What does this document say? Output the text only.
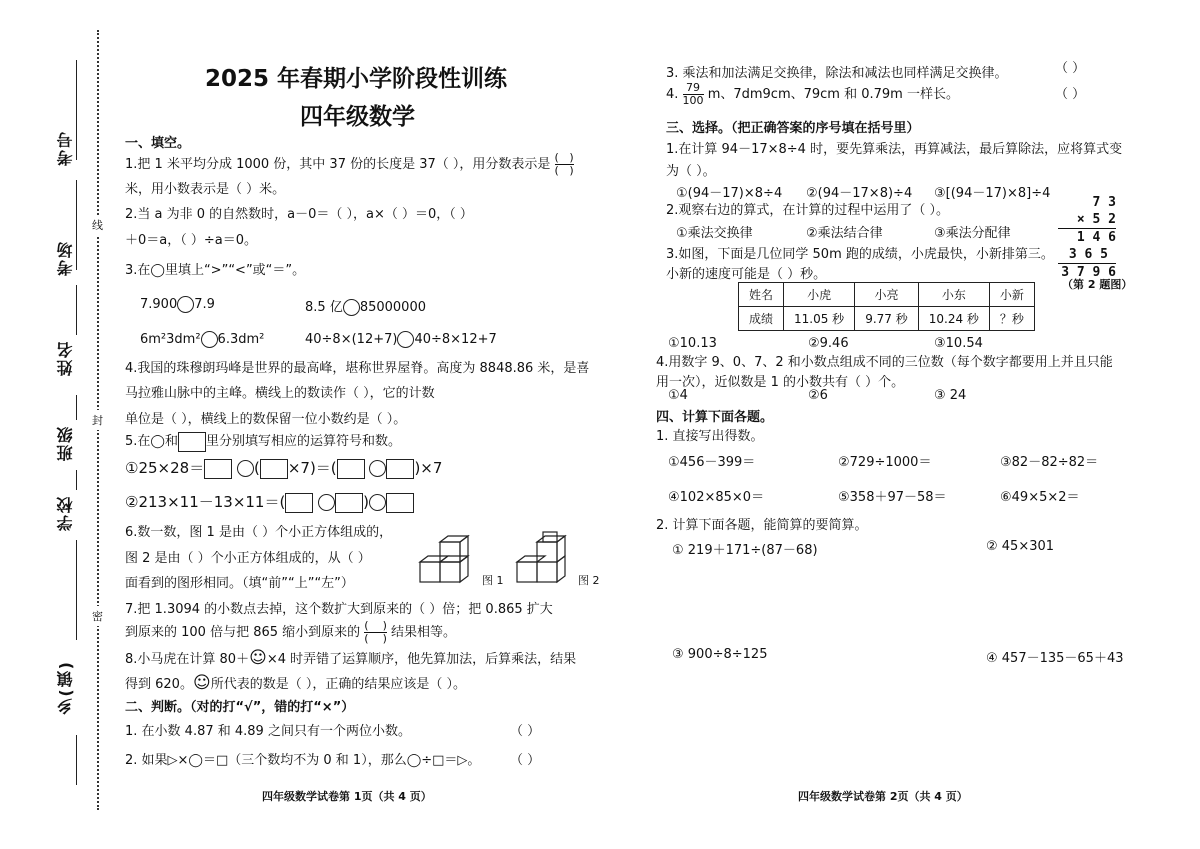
考号
考场
姓名
班级
学校
乡(镇)
线
封
密
2025 年春期小学阶段性训练
四年级数学
一、填空。
1.把 1 米平均分成 1000 份，其中 37 份的长度是 37（ ），用分数表示是 $\frac{( )}{( )}$
米，用小数表示是（ ）米。
2.当 a 为非 0 的自然数时，a－0＝（ ），a×（ ）＝0，（ ）
＋0＝a，（ ）÷a＝0。
3.在◯里填上“>”“<”或“＝”。
7.900 7.9	8.5 亿 85000000
6m²3dm² 6.3dm²	40÷8×(12+7) 40÷8×12+7
4.我国的珠穆朗玛峰是世界的最高峰，堪称世界屋脊。高度为 8848.86 米，是喜
马拉雅山脉中的主峰。横线上的数读作（ ），它的计数
单位是（ ），横线上的数保留一位小数约是（ ）。
5.在◯和 里分别填写相应的运算符号和数。
①25×28＝	( ×7)＝(	)×7
②213×11－13×11＝(	)
6.数一数，图 1 是由（ ）个小正方体组成的，
图 2 是由（ ）个小正方体组成的，从（ ）
面看到的图形相同。（填“前”“上”“左”）	图 1	图 2
7.把 1.3094 的小数点去掉，这个数扩大到原来的（ ）倍；把 0.865 扩大
到原来的 100 倍与把 865 缩小到原来的 $\frac{( )}{( )}$ 结果相等。
8.小马虎在计算 80＋☺×4 时弄错了运算顺序，他先算加法，后算乘法，结果
得到 620。☺所代表的数是（ ），正确的结果应该是（ ）。
二、判断。（对的打“√”，错的打“×”）
1. 在小数 4.87 和 4.89 之间只有一个两位小数。	（ ）
2. 如果▷×◯＝□（三个数均不为 0 和 1），那么◯÷□＝▷。 （ ）
四年级数学试卷第 1页（共 4 页）
3. 乘法和加法满足交换律，除法和减法也同样满足交换律。	（ ）
4. $\frac{79}{100}$ m、7dm9cm、79cm 和 0.79m 一样长。	（ ）
三、选择。（把正确答案的序号填在括号里）
1.在计算 94－17×8÷4 时，要先算乘法，再算减法，最后算除法，应将算式变
为（ ）。
①(94－17)×8÷4 ②(94－17×8)÷4 ③[(94－17)×8]÷4
2.观察右边的算式，在计算的过程中运用了（ ）。
①乘法交换律	②乘法结合律	③乘法分配律
7 3
× 5 2
1 4 6
3 6 5
3 7 9 6
（第 2 题图）
3.如图，下面是几位同学 50m 跑的成绩，小虎最快，小新排第三。
小新的速度可能是（ ）秒。
姓名	小虎	小亮	小东	小新
成绩	11.05 秒	9.77 秒	10.24 秒	？秒
①10.13	②9.46	③10.54
4.用数字 9、0、7、2 和小数点组成不同的三位数（每个数字都要用上并且只能
用一次），近似数是 1 的小数共有（ ）个。
①4	②6	③ 24
四、计算下面各题。
1. 直接写出得数。
①456－399＝	②729÷1000＝	③82－82÷82＝
④102×85×0＝	⑤358＋97－58＝	⑥49×5×2＝
2. 计算下面各题，能简算的要简算。
① 219＋171÷(87－68)	② 45×301
③ 900÷8÷125	④ 457－135－65＋43
四年级数学试卷第 2页（共 4 页）
